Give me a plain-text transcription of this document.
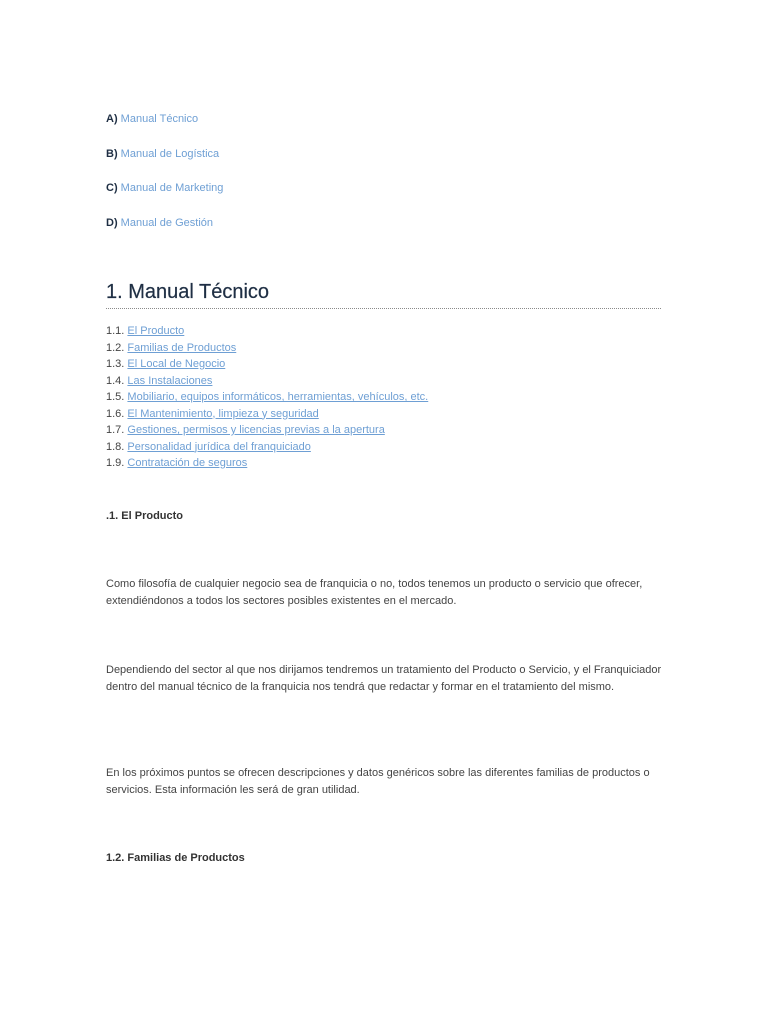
A) Manual Técnico
B) Manual de Logística
C) Manual de Marketing
D) Manual de Gestión
1. Manual Técnico
1.1. El Producto
1.2. Familias de Productos
1.3. El Local de Negocio
1.4. Las Instalaciones
1.5. Mobiliario, equipos informáticos, herramientas, vehículos, etc.
1.6. El Mantenimiento, limpieza y seguridad
1.7. Gestiones, permisos y licencias previas a la apertura
1.8. Personalidad jurídica del franquiciado
1.9. Contratación de seguros
.1. El Producto

Como filosofía de cualquier negocio sea de franquicia o no, todos tenemos un producto o servicio que ofrecer, extendiéndonos a todos los sectores posibles existentes en el mercado.

Dependiendo del sector al que nos dirijamos tendremos un tratamiento del Producto o Servicio, y el Franquiciador dentro del manual técnico de la franquicia nos tendrá que redactar y formar en el tratamiento del mismo.

En los próximos puntos se ofrecen descripciones y datos genéricos sobre las diferentes familias de productos o servicios. Esta información les será de gran utilidad.

1.2. Familias de Productos
